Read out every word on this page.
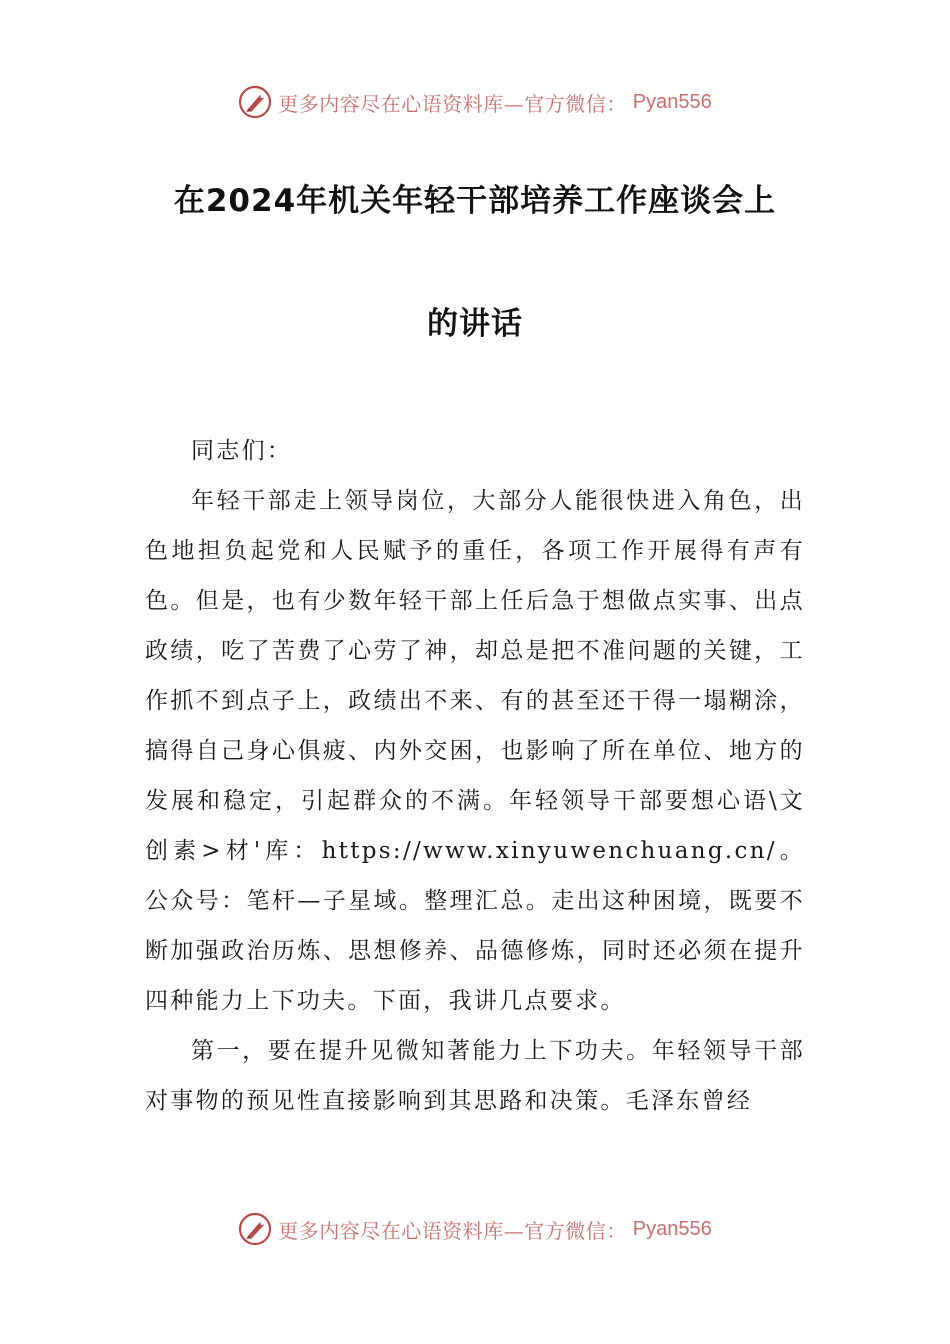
更多内容尽在心语资料库—官方微信： Pyan556
在2024年机关年轻干部培养工作座谈会上
的讲话

同志们：

年轻干部走上领导岗位，大部分人能很快进入角色，出色地担负起党和人民赋予的重任，各项工作开展得有声有色。但是，也有少数年轻干部上任后急于想做点实事、出点政绩，吃了苦费了心劳了神，却总是把不准问题的关键，工作抓不到点子上，政绩出不来、有的甚至还干得一塌糊涂，搞得自己身心俱疲、内外交困，也影响了所在单位、地方的发展和稳定，引起群众的不满。年轻领导干部要想心语\文创素>材'库：https://www.xinyuwenchuang.cn/。公众号：笔杆—子星域。整理汇总。走出这种困境，既要不断加强政治历炼、思想修养、品德修炼，同时还必须在提升四种能力上下功夫。下面，我讲几点要求。

第一，要在提升见微知著能力上下功夫。年轻领导干部对事物的预见性直接影响到其思路和决策。毛泽东曾经

更多内容尽在心语资料库—官方微信： Pyan556
